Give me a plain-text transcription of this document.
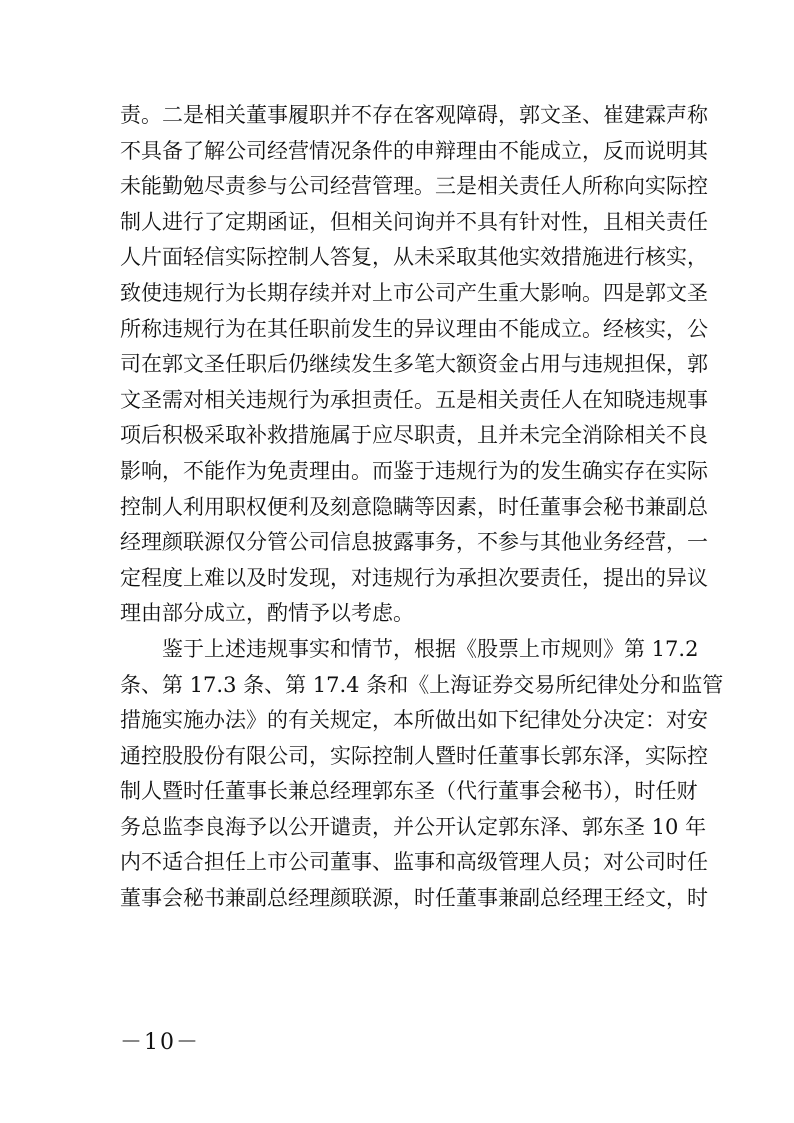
责。二是相关董事履职并不存在客观障碍，郭文圣、崔建霖声称
不具备了解公司经营情况条件的申辩理由不能成立，反而说明其
未能勤勉尽责参与公司经营管理。三是相关责任人所称向实际控
制人进行了定期函证，但相关问询并不具有针对性，且相关责任
人片面轻信实际控制人答复，从未采取其他实效措施进行核实，
致使违规行为长期存续并对上市公司产生重大影响。四是郭文圣
所称违规行为在其任职前发生的异议理由不能成立。经核实，公
司在郭文圣任职后仍继续发生多笔大额资金占用与违规担保，郭
文圣需对相关违规行为承担责任。五是相关责任人在知晓违规事
项后积极采取补救措施属于应尽职责，且并未完全消除相关不良
影响，不能作为免责理由。而鉴于违规行为的发生确实存在实际
控制人利用职权便利及刻意隐瞒等因素，时任董事会秘书兼副总
经理颜联源仅分管公司信息披露事务，不参与其他业务经营，一
定程度上难以及时发现，对违规行为承担次要责任，提出的异议
理由部分成立，酌情予以考虑。
鉴于上述违规事实和情节，根据《股票上市规则》第 17.2
条、第 17.3 条、第 17.4 条和《上海证券交易所纪律处分和监管
措施实施办法》的有关规定，本所做出如下纪律处分决定：对安
通控股股份有限公司，实际控制人暨时任董事长郭东泽，实际控
制人暨时任董事长兼总经理郭东圣（代行董事会秘书），时任财
务总监李良海予以公开谴责，并公开认定郭东泽、郭东圣 10 年
内不适合担任上市公司董事、监事和高级管理人员；对公司时任
董事会秘书兼副总经理颜联源，时任董事兼副总经理王经文，时
－10－
